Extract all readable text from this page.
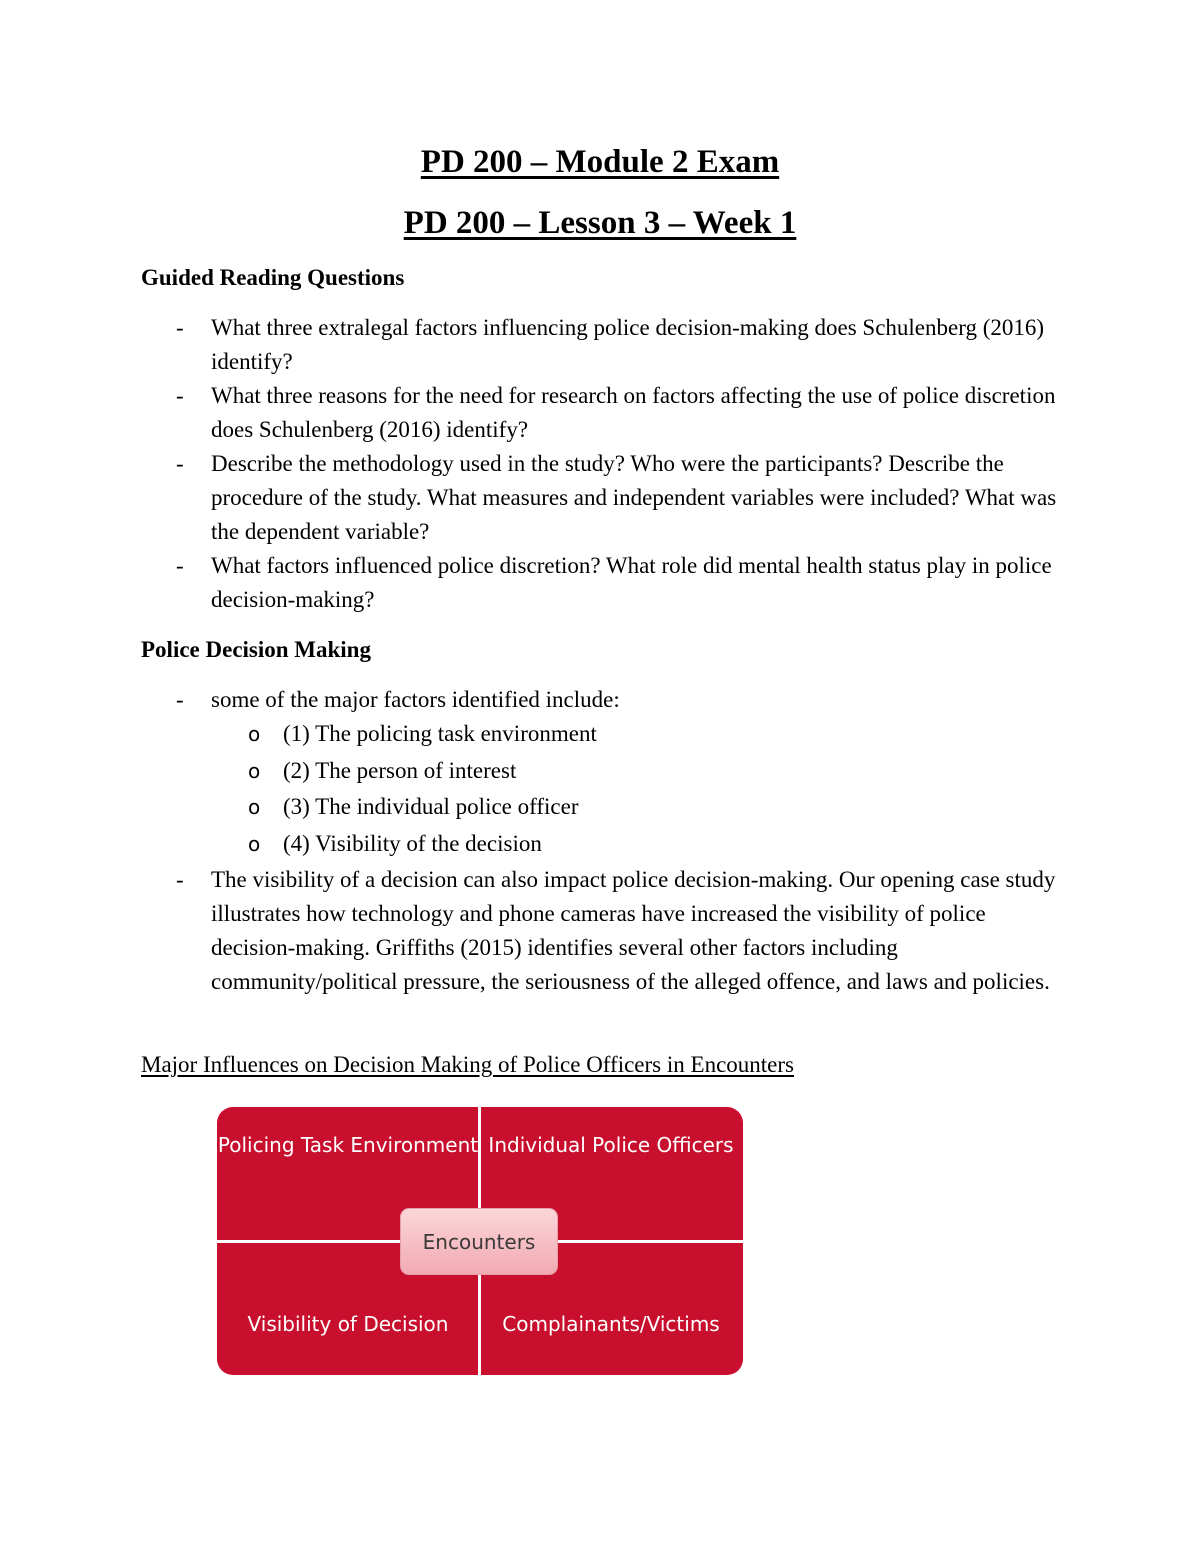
PD 200 – Module 2 Exam
PD 200 – Lesson 3 – Week 1
Guided Reading Questions
- What three extralegal factors influencing police decision-making does Schulenberg (2016) identify?
- What three reasons for the need for research on factors affecting the use of police discretion does Schulenberg (2016) identify?
- Describe the methodology used in the study? Who were the participants? Describe the procedure of the study. What measures and independent variables were included? What was the dependent variable?
- What factors influenced police discretion? What role did mental health status play in police decision-making?
Police Decision Making
- some of the major factors identified include:
o (1) The policing task environment
o (2) The person of interest
o (3) The individual police officer
o (4) Visibility of the decision
- The visibility of a decision can also impact police decision-making. Our opening case study illustrates how technology and phone cameras have increased the visibility of police decision-making. Griffiths (2015) identifies several other factors including community/political pressure, the seriousness of the alleged offence, and laws and policies.

Major Influences on Decision Making of Police Officers in Encounters

Policing Task Environment Individual Police Officers
Visibility of Decision	Complainants/Victims
Encounters
